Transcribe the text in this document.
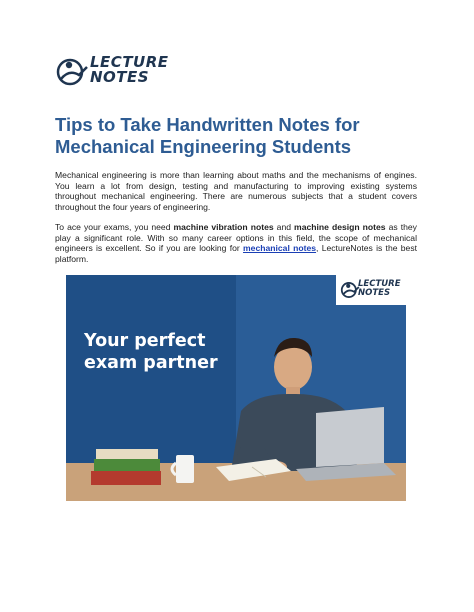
LECTURE
NOTES
Tips to Take Handwritten Notes for Mechanical Engineering Students

Mechanical engineering is more than learning about maths and the mechanisms of engines. You learn a lot from design, testing and manufacturing to improving existing systems throughout mechanical engineering. There are numerous subjects that a student covers throughout the four years of engineering.

To ace your exams, you need machine vibration notes and machine design notes as they play a significant role. With so many career options in this field, the scope of mechanical engineers is excellent. So if you are looking for mechanical notes, LectureNotes is the best platform.

LECTURE
NOTES
Your perfect
exam partner
